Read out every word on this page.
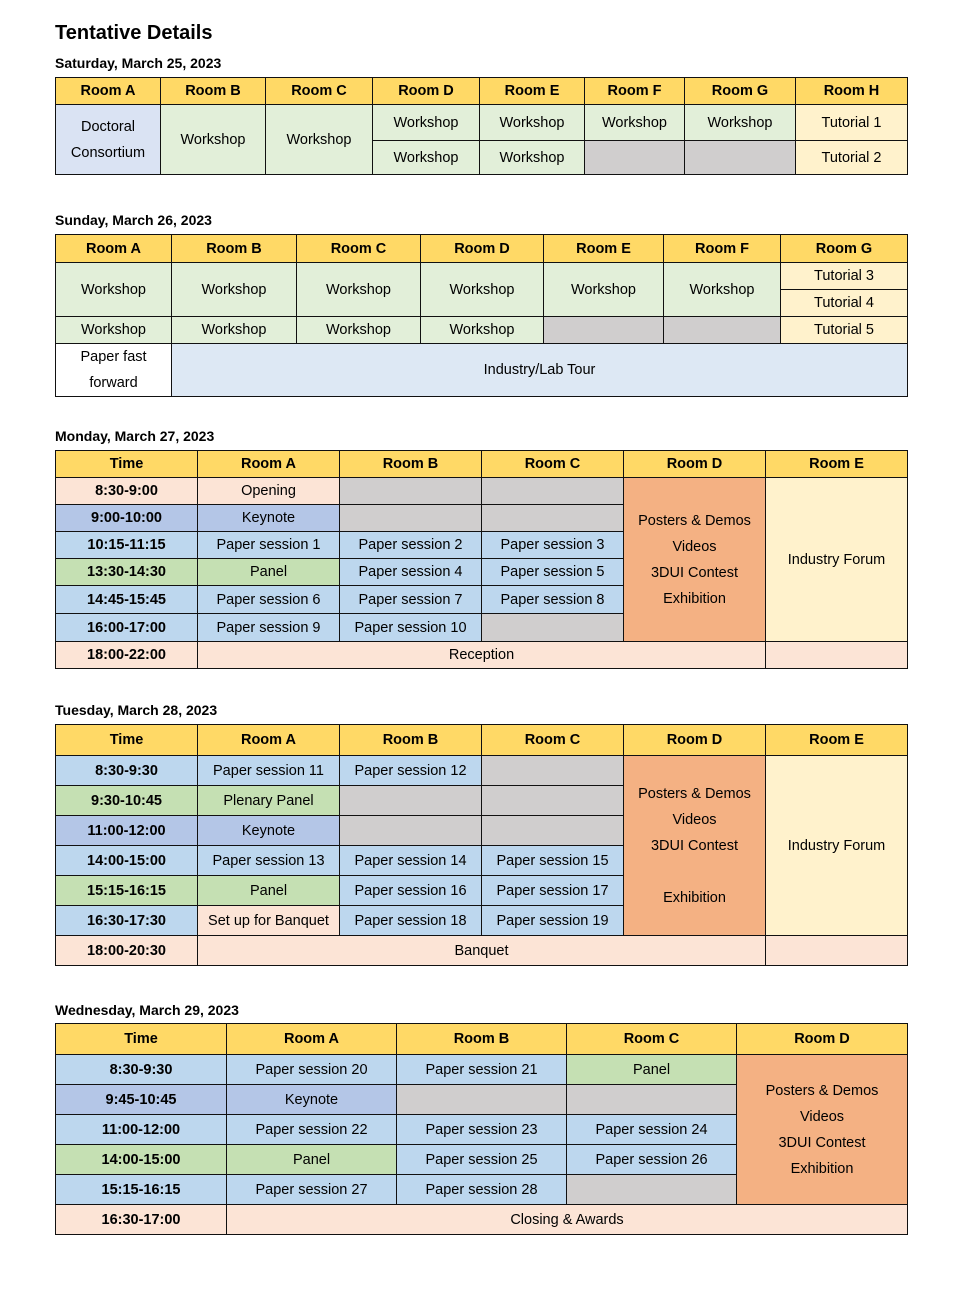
Tentative Details

Saturday, March 25, 2023

Room A	Room B	Room C	Room D	Room E	Room F	Room G	Room H

Doctoral
Consortium	Workshop	Workshop	Workshop	Workshop	Workshop	Workshop	Tutorial 1
			Workshop	Workshop			Tutorial 2

Sunday, March 26, 2023

Room A	Room B	Room C	Room D	Room E	Room F	Room G
Workshop	Workshop	Workshop	Workshop	Workshop	Workshop	Tutorial 3
						Tutorial 4
Workshop	Workshop	Workshop	Workshop			Tutorial 5

Paper fast
forward	Industry/Lab Tour					

Monday, March 27, 2023

Time	Room A	Room B	Room C	Room D	Room E
8:30-9:00	Opening			Posters & Demos
Videos
3DUI Contest
Exhibition	Industry Forum
9:00-10:00	Keynote				
10:15-11:15	Paper session 1	Paper session 2	Paper session 3		
13:30-14:30	Panel	Paper session 4	Paper session 5		
14:45-15:45	Paper session 6	Paper session 7	Paper session 8		
16:00-17:00	Paper session 9	Paper session 10			
18:00-22:00	Reception				

Tuesday, March 28, 2023

Time	Room A	Room B	Room C	Room D	Room E
8:30-9:30	Paper session 11	Paper session 12		Posters & Demos
Videos
3DUI Contest

Exhibition	Industry Forum
9:30-10:45	Plenary Panel				
11:00-12:00	Keynote				
14:00-15:00	Paper session 13	Paper session 14	Paper session 15		
15:15-16:15	Panel	Paper session 16	Paper session 17		
16:30-17:30	Set up for Banquet	Paper session 18	Paper session 19		
18:00-20:30	Banquet				

Wednesday, March 29, 2023

Time	Room A	Room B	Room C	Room D
8:30-9:30	Paper session 20	Paper session 21	Panel	Posters & Demos
Videos
3DUI Contest
Exhibition

9:45-10:45	Keynote			
11:00-12:00	Paper session 22	Paper session 23	Paper session 24	
14:00-15:00	Panel	Paper session 25	Paper session 26	
15:15-16:15	Paper session 27	Paper session 28		
16:30-17:00	Closing & Awards			
